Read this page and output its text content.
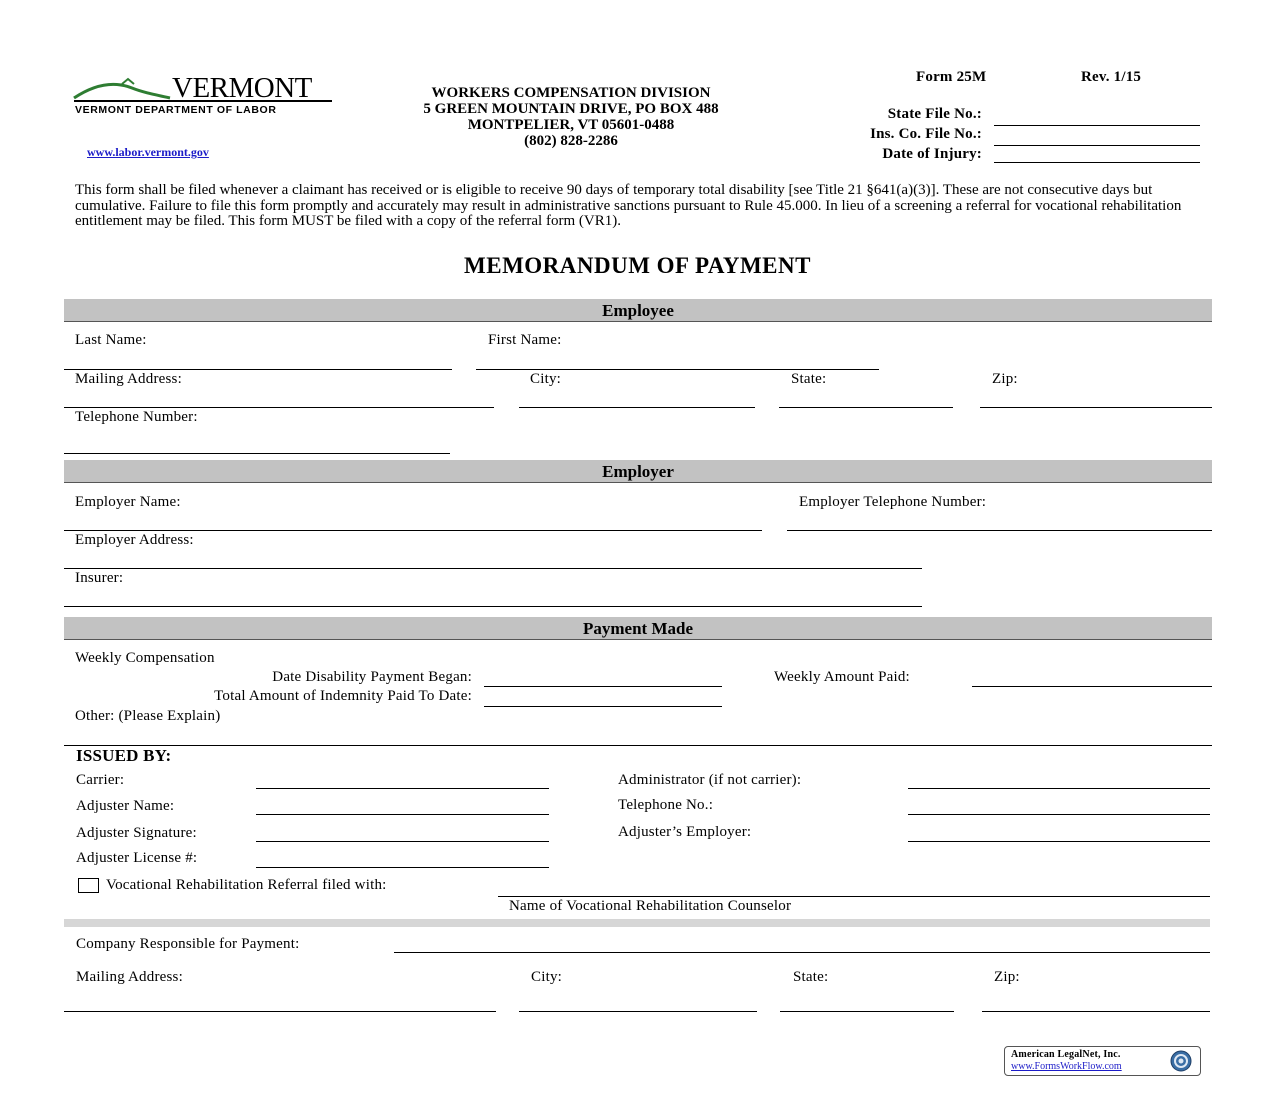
VERMONT
VERMONT DEPARTMENT OF LABOR
www.labor.vermont.gov
WORKERS COMPENSATION DIVISION
5 GREEN MOUNTAIN DRIVE, PO BOX 488
MONTPELIER, VT 05601-0488
(802) 828-2286
Form 25M	Rev. 1/15
State File No.:
Ins. Co. File No.:
Date of Injury:
This form shall be filed whenever a claimant has received or is eligible to receive 90 days of temporary total disability [see Title 21 §641(a)(3)]. These are not consecutive days but cumulative. Failure to file this form promptly and accurately may result in administrative sanctions pursuant to Rule 45.000. In lieu of a screening a referral for vocational rehabilitation entitlement may be filed. This form MUST be filed with a copy of the referral form (VR1).
MEMORANDUM OF PAYMENT
Employee
Last Name:	First Name:
Mailing Address:	City:	State:	Zip:
Telephone Number:
Employer
Employer Name:	Employer Telephone Number:
Employer Address:
Insurer:
Payment Made
Weekly Compensation
Date Disability Payment Began:	Weekly Amount Paid:
Total Amount of Indemnity Paid To Date:
Other: (Please Explain)
ISSUED BY:
Carrier:	Administrator (if not carrier):
Adjuster Name:	Telephone No.:
Adjuster Signature:	Adjuster’s Employer:
Adjuster License #:
Vocational Rehabilitation Referral filed with:
Name of Vocational Rehabilitation Counselor
Company Responsible for Payment:
Mailing Address:	City:	State:	Zip:
American LegalNet, Inc.
www.FormsWorkFlow.com
